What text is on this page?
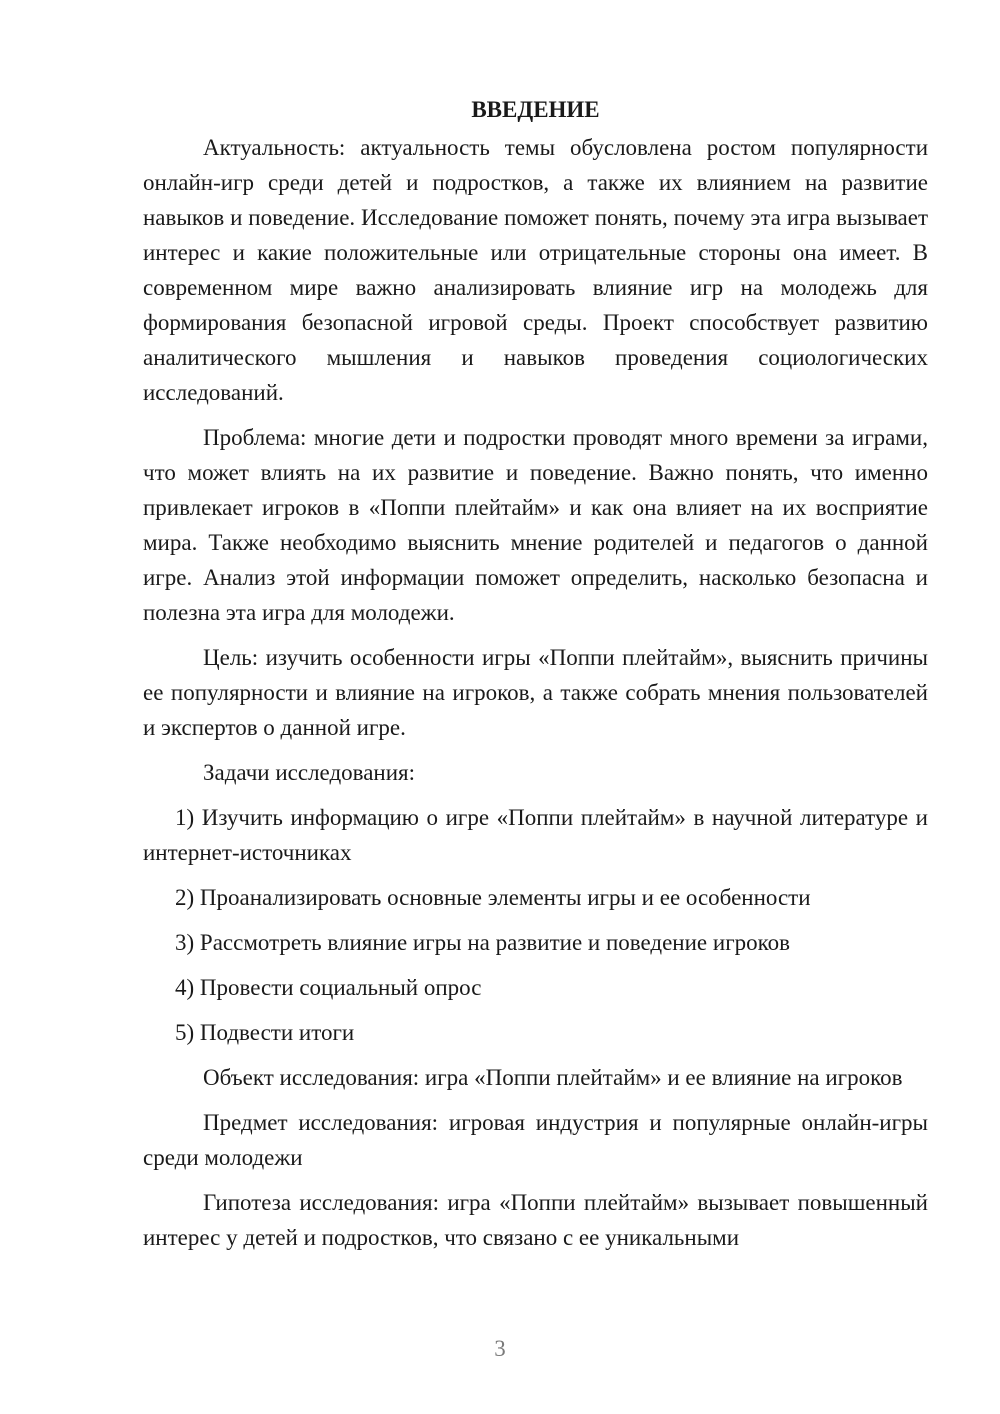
ВВЕДЕНИЕ

Актуальность: актуальность темы обусловлена ростом популярности онлайн-игр среди детей и подростков, а также их влиянием на развитие навыков и поведение. Исследование поможет понять, почему эта игра вызывает интерес и какие положительные или отрицательные стороны она имеет. В современном мире важно анализировать влияние игр на молодежь для формирования безопасной игровой среды. Проект способствует развитию аналитического мышления и навыков проведения социологических исследований.

Проблема: многие дети и подростки проводят много времени за играми, что может влиять на их развитие и поведение. Важно понять, что именно привлекает игроков в «Поппи плейтайм» и как она влияет на их восприятие мира. Также необходимо выяснить мнение родителей и педагогов о данной игре. Анализ этой информации поможет определить, насколько безопасна и полезна эта игра для молодежи.

Цель: изучить особенности игры «Поппи плейтайм», выяснить причины ее популярности и влияние на игроков, а также собрать мнения пользователей и экспертов о данной игре.

Задачи исследования:

1) Изучить информацию о игре «Поппи плейтайм» в научной литературе и интернет-источниках

2) Проанализировать основные элементы игры и ее особенности

3) Рассмотреть влияние игры на развитие и поведение игроков

4) Провести социальный опрос

5) Подвести итоги

Объект исследования: игра «Поппи плейтайм» и ее влияние на игроков

Предмет исследования: игровая индустрия и популярные онлайн-игры среди молодежи

Гипотеза исследования: игра «Поппи плейтайм» вызывает повышенный интерес у детей и подростков, что связано с ее уникальными

3
